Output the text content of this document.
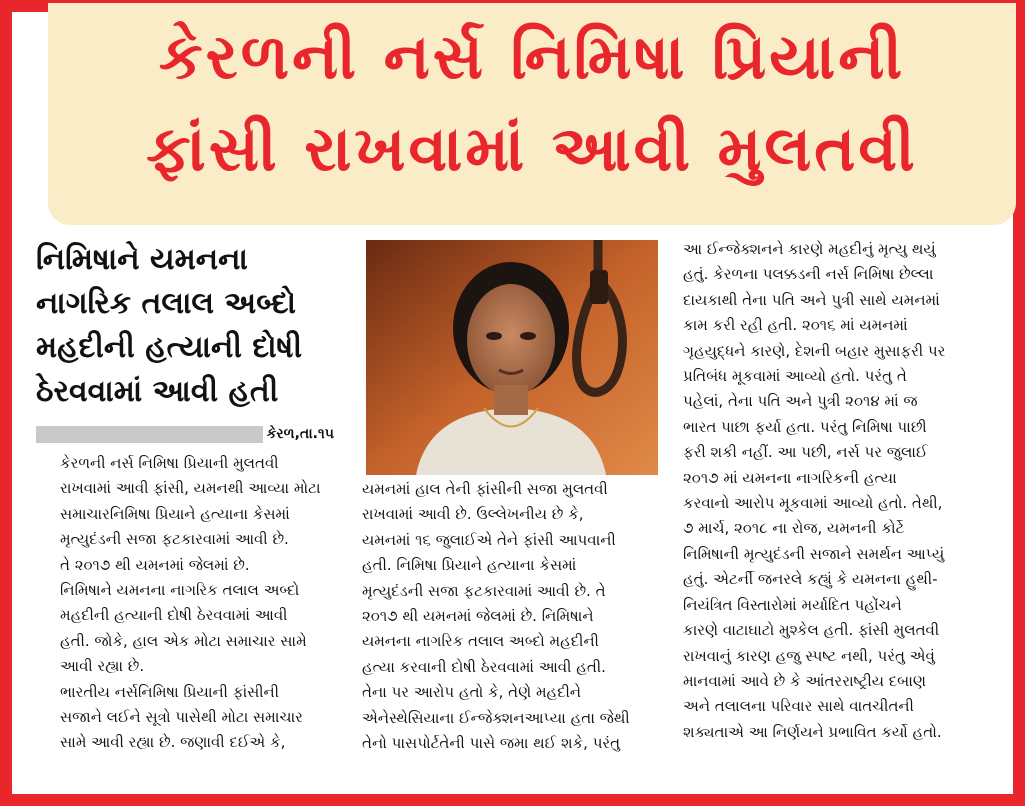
કેરળની નર્સ નિમિષા પ્રિયાની
ફાંસી રાખવામાં આવી મુલતવી
નિમિષાને યમનના
નાગરિક તલાલ અબ્દો
મહદીની હત્યાની દોષી
ઠેરવવામાં આવી હતી
કેરળ,તા.૧૫

કેરળની નર્સ નિમિષા પ્રિયાની મુલતવી
રાખવામાં આવી ફાંસી, યમનથી આવ્યા મોટા
સમાચારનિમિષા પ્રિયાને હત્યાના કેસમાં
મૃત્યુદંડની સજા ફટકારવામાં આવી છે.

તે ૨૦૧૭ થી યમનમાં જેલમાં છે.
નિમિષાને યમનના નાગરિક તલાલ અબ્દો
મહદીની હત્યાની દોષી ઠેરવવામાં આવી
હતી. જોકે, હાલ એક મોટા સમાચાર સામે
આવી રહ્યા છે.

ભારતીય નર્સનિમિષા પ્રિયાની ફાંસીની
સજાને લઈને સૂત્રો પાસેથી મોટા સમાચાર
સામે આવી રહ્યા છે. જણાવી દઈએ કે,

યમનમાં હાલ તેની ફાંસીની સજા મુલતવી
રાખવામાં આવી છે. ઉલ્લેખનીય છે કે,
યમનમાં ૧૬ જુલાઈએ તેને ફાંસી આપવાની
હતી. નિમિષા પ્રિયાને હત્યાના કેસમાં
મૃત્યુદંડની સજા ફટકારવામાં આવી છે. તે
૨૦૧૭ થી યમનમાં જેલમાં છે. નિમિષાને
યમનના નાગરિક તલાલ અબ્દો મહદીની
હત્યા કરવાની દોષી ઠેરવવામાં આવી હતી.
તેના પર આરોપ હતો કે, તેણે મહદીને
એનેસ્થેસિયાના ઈન્જેક્શનઆપ્યા હતા જેથી
તેનો પાસપોર્ટતેની પાસે જમા થઈ શકે, પરંતુ
આ ઈન્જેક્શનને કારણે મહદીનું મૃત્યુ થયું
હતું. કેરળના પલક્કડની નર્સ નિમિષા છેલ્લા
દાયકાથી તેના પતિ અને પુત્રી સાથે યમનમાં
કામ કરી રહી હતી. ૨૦૧૬ માં યમનમાં
ગૃહયુદ્ધને કારણે, દેશની બહાર મુસાફરી પર
પ્રતિબંધ મૂકવામાં આવ્યો હતો. પરંતુ તે
પહેલાં, તેના પતિ અને પુત્રી ૨૦૧૪ માં જ
ભારત પાછા ફર્યા હતા. પરંતુ નિમિષા પાછી
ફરી શકી નહીં. આ પછી, નર્સ પર જુલાઈ
૨૦૧૭ માં યમનના નાગરિકની હત્યા
કરવાનો આરોપ મૂકવામાં આવ્યો હતો. તેથી,
૭ માર્ચ, ૨૦૧૮ ના રોજ, યમનની કોર્ટે
નિમિષાની મૃત્યુદંડની સજાને સમર્થન આપ્યું
હતું. એટર્ની જનરલે કહ્યું કે યમનના હુથી-
નિયંત્રિત વિસ્તારોમાં મર્યાદિત પહોંચને
કારણે વાટાઘાટો મુશ્કેલ હતી. ફાંસી મુલતવી
રાખવાનું કારણ હજુ સ્પષ્ટ નથી, પરંતુ એવું
માનવામાં આવે છે કે આંતરરાષ્ટ્રીય દબાણ
અને તલાલના પરિવાર સાથે વાતચીતની
શક્યતાએ આ નિર્ણયને પ્રભાવિત કર્યો હતો.
